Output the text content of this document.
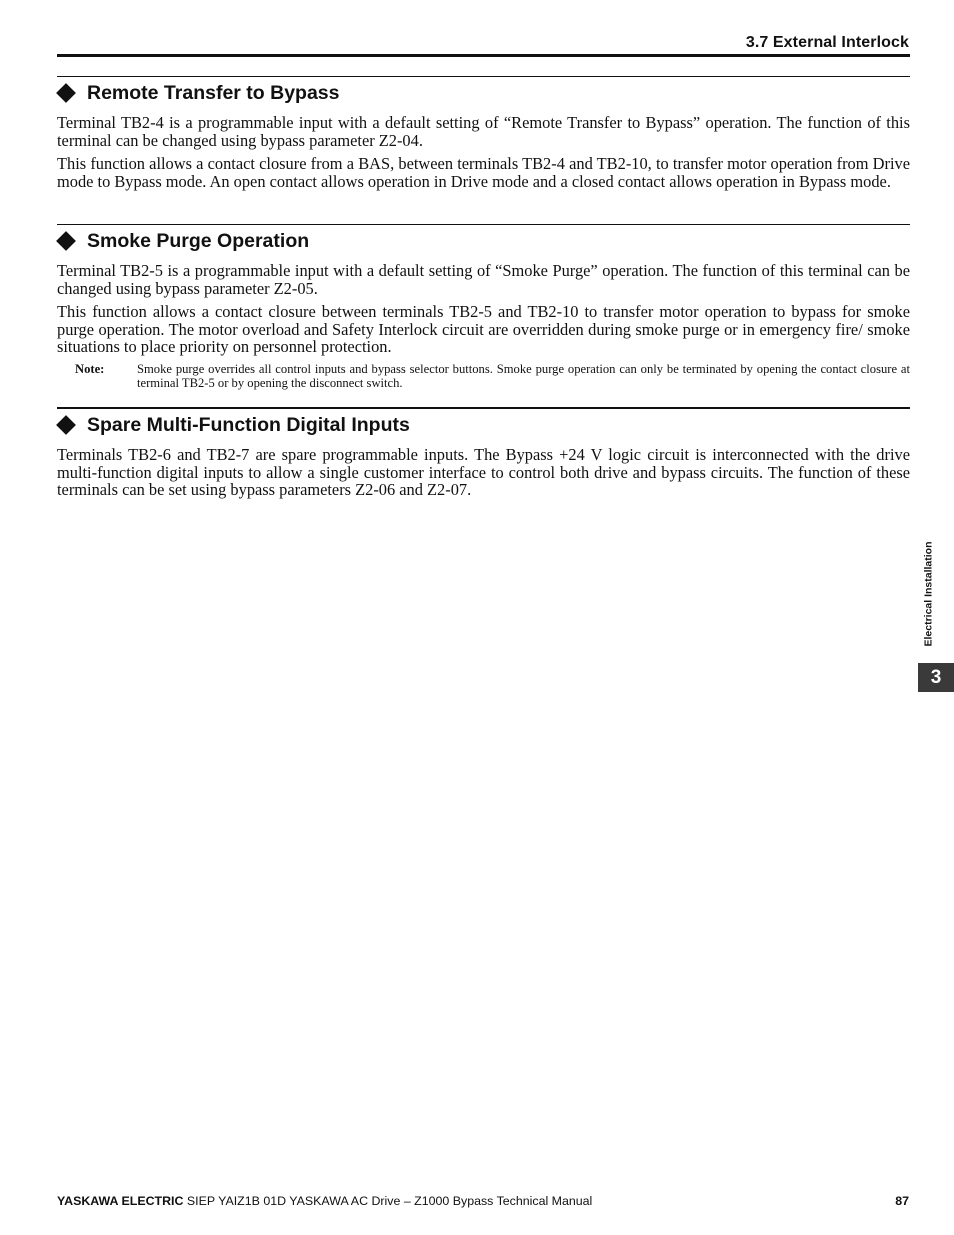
3.7 External Interlock
Remote Transfer to Bypass

Terminal TB2-4 is a programmable input with a default setting of “Remote Transfer to Bypass” operation. The function of this terminal can be changed using bypass parameter Z2-04.

This function allows a contact closure from a BAS, between terminals TB2-4 and TB2-10, to transfer motor operation from Drive mode to Bypass mode. An open contact allows operation in Drive mode and a closed contact allows operation in Bypass mode.

Smoke Purge Operation

Terminal TB2-5 is a programmable input with a default setting of “Smoke Purge” operation. The function of this terminal can be changed using bypass parameter Z2-05.

This function allows a contact closure between terminals TB2-5 and TB2-10 to transfer motor operation to bypass for smoke purge operation. The motor overload and Safety Interlock circuit are overridden during smoke purge or in emergency fire/ smoke situations to place priority on personnel protection.

Note:	Smoke purge overrides all control inputs and bypass selector buttons. Smoke purge operation can only be terminated by opening the contact closure at terminal TB2-5 or by opening the disconnect switch.
Spare Multi-Function Digital Inputs

Terminals TB2-6 and TB2-7 are spare programmable inputs. The Bypass +24 V logic circuit is interconnected with the drive multi-function digital inputs to allow a single customer interface to control both drive and bypass circuits. The function of these terminals can be set using bypass parameters Z2-06 and Z2-07.

Electrical Installation
3
YASKAWA ELECTRIC SIEP YAIZ1B 01D YASKAWA AC Drive – Z1000 Bypass Technical Manual	87
